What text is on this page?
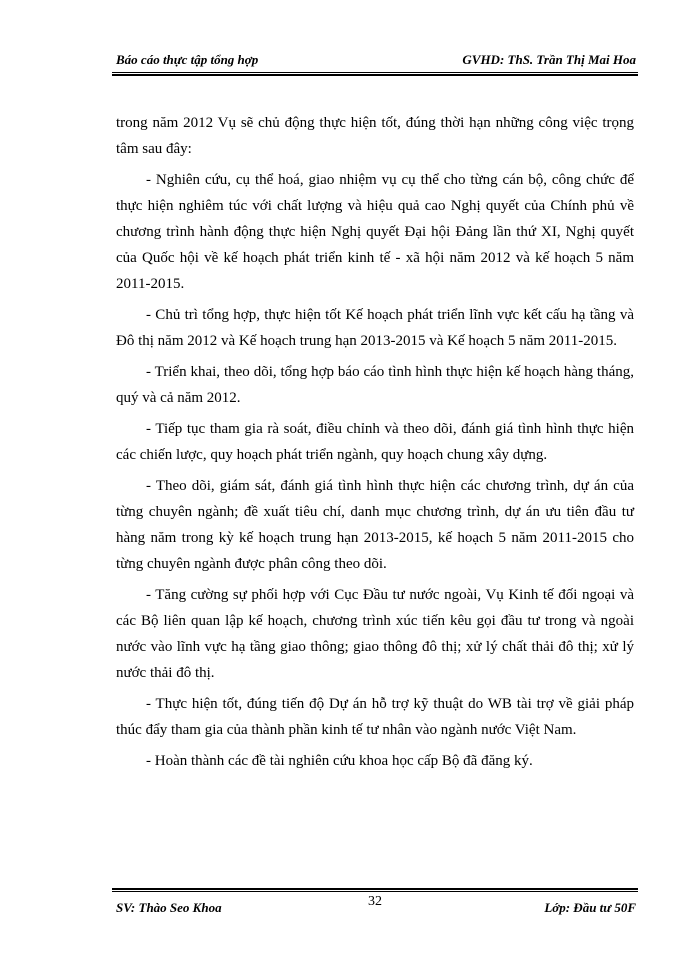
Báo cáo thực tập tổng hợp	GVHD: ThS. Trần Thị Mai Hoa

trong năm 2012 Vụ sẽ chủ động thực hiện tốt, đúng thời hạn những công việc trọng tâm sau đây:

- Nghiên cứu, cụ thể hoá, giao nhiệm vụ cụ thể cho từng cán bộ, công chức để thực hiện nghiêm túc với chất lượng và hiệu quả cao Nghị quyết của Chính phủ về chương trình hành động thực hiện Nghị quyết Đại hội Đảng lần thứ XI, Nghị quyết của Quốc hội về kế hoạch phát triển kinh tế - xã hội năm 2012 và kế hoạch 5 năm 2011-2015.

- Chủ trì tổng hợp, thực hiện tốt Kế hoạch phát triển lĩnh vực kết cấu hạ tầng và Đô thị năm 2012 và Kế hoạch trung hạn 2013-2015 và Kế hoạch 5 năm 2011-2015.

- Triển khai, theo dõi, tổng hợp báo cáo tình hình thực hiện kế hoạch hàng tháng, quý và cả năm 2012.

- Tiếp tục tham gia rà soát, điều chỉnh và theo dõi, đánh giá tình hình thực hiện các chiến lược, quy hoạch phát triển ngành, quy hoạch chung xây dựng.

- Theo dõi, giám sát, đánh giá tình hình thực hiện các chương trình, dự án của từng chuyên ngành; đề xuất tiêu chí, danh mục chương trình, dự án ưu tiên đầu tư hàng năm trong kỳ kế hoạch trung hạn 2013-2015, kế hoạch 5 năm 2011-2015 cho từng chuyên ngành được phân công theo dõi.

- Tăng cường sự phối hợp với Cục Đầu tư nước ngoài, Vụ Kinh tế đối ngoại và các Bộ liên quan lập kế hoạch, chương trình xúc tiến kêu gọi đầu tư trong và ngoài nước vào lĩnh vực hạ tầng giao thông; giao thông đô thị; xử lý chất thải đô thị; xử lý nước thải đô thị.

- Thực hiện tốt, đúng tiến độ Dự án hỗ trợ kỹ thuật do WB tài trợ về giải pháp thúc đẩy tham gia của thành phần kinh tế tư nhân vào ngành nước Việt Nam.

- Hoàn thành các đề tài nghiên cứu khoa học cấp Bộ đã đăng ký.

SV: Thào Seo Khoa	32	Lớp: Đầu tư 50F
